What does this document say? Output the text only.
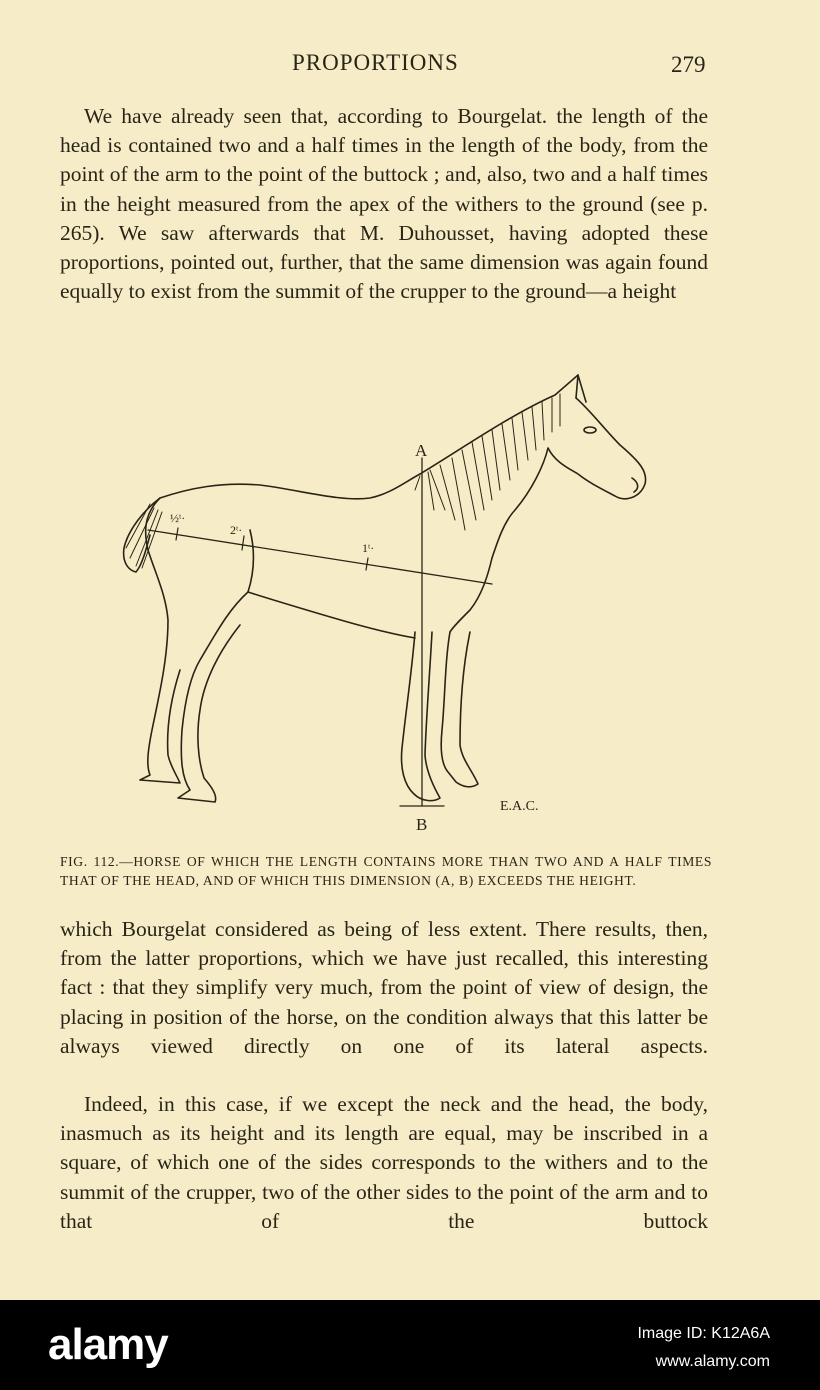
PROPORTIONS	279

We have already seen that, according to Bourgelat. the length of the head is contained two and a half times in the length of the body, from the point of the arm to the point of the buttock ; and, also, two and a half times in the height measured from the apex of the withers to the ground (see p. 265). We saw afterwards that M. Duhousset, having adopted these proportions, pointed out, further, that the same dimension was again found equally to exist from the summit of the crupper to the ground—a height

A
B
½ᵗ·
2ᵗ·
1ᵗ·
E.A.C.

FIG. 112.—HORSE OF WHICH THE LENGTH CONTAINS MORE THAN TWO AND A HALF TIMES THAT OF THE HEAD, AND OF WHICH THIS DIMENSION (A, B) EXCEEDS THE HEIGHT.

which Bourgelat considered as being of less extent. There results, then, from the latter proportions, which we have just recalled, this interesting fact : that they simplify very much, from the point of view of design, the placing in position of the horse, on the condition always that this latter be always viewed directly on one of its lateral aspects.

Indeed, in this case, if we except the neck and the head, the body, inasmuch as its height and its length are equal, may be inscribed in a square, of which one of the sides corresponds to the withers and to the summit of the crupper, two of the other sides to the point of the arm and to that of the buttock

alamy	Image ID: K12A6A
www.alamy.com
